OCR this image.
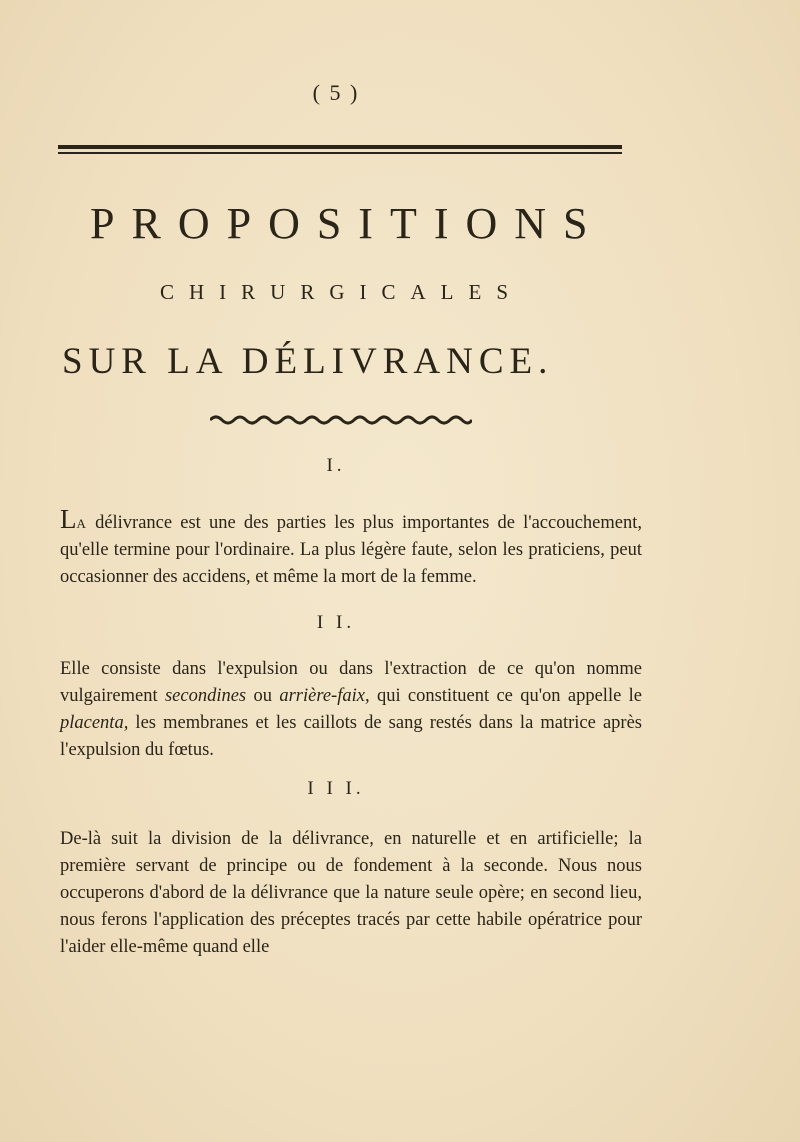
( 5 )
PROPOSITIONS
CHIRURGICALES
SUR LA DÉLIVRANCE.
I.

LA délivrance est une des parties les plus importantes de l'accouchement, qu'elle termine pour l'ordinaire. La plus légère faute, selon les praticiens, peut occasionner des accidens, et même la mort de la femme.

I I.

Elle consiste dans l'expulsion ou dans l'extraction de ce qu'on nomme vulgairement secondines ou arrière-faix, qui constituent ce qu'on appelle le placenta, les membranes et les caillots de sang restés dans la matrice après l'expulsion du fœtus.

I I I.

De-là suit la division de la délivrance, en naturelle et en artificielle; la première servant de principe ou de fondement à la seconde. Nous nous occuperons d'abord de la délivrance que la nature seule opère; en second lieu, nous ferons l'application des préceptes tracés par cette habile opératrice pour l'aider elle-même quand elle
